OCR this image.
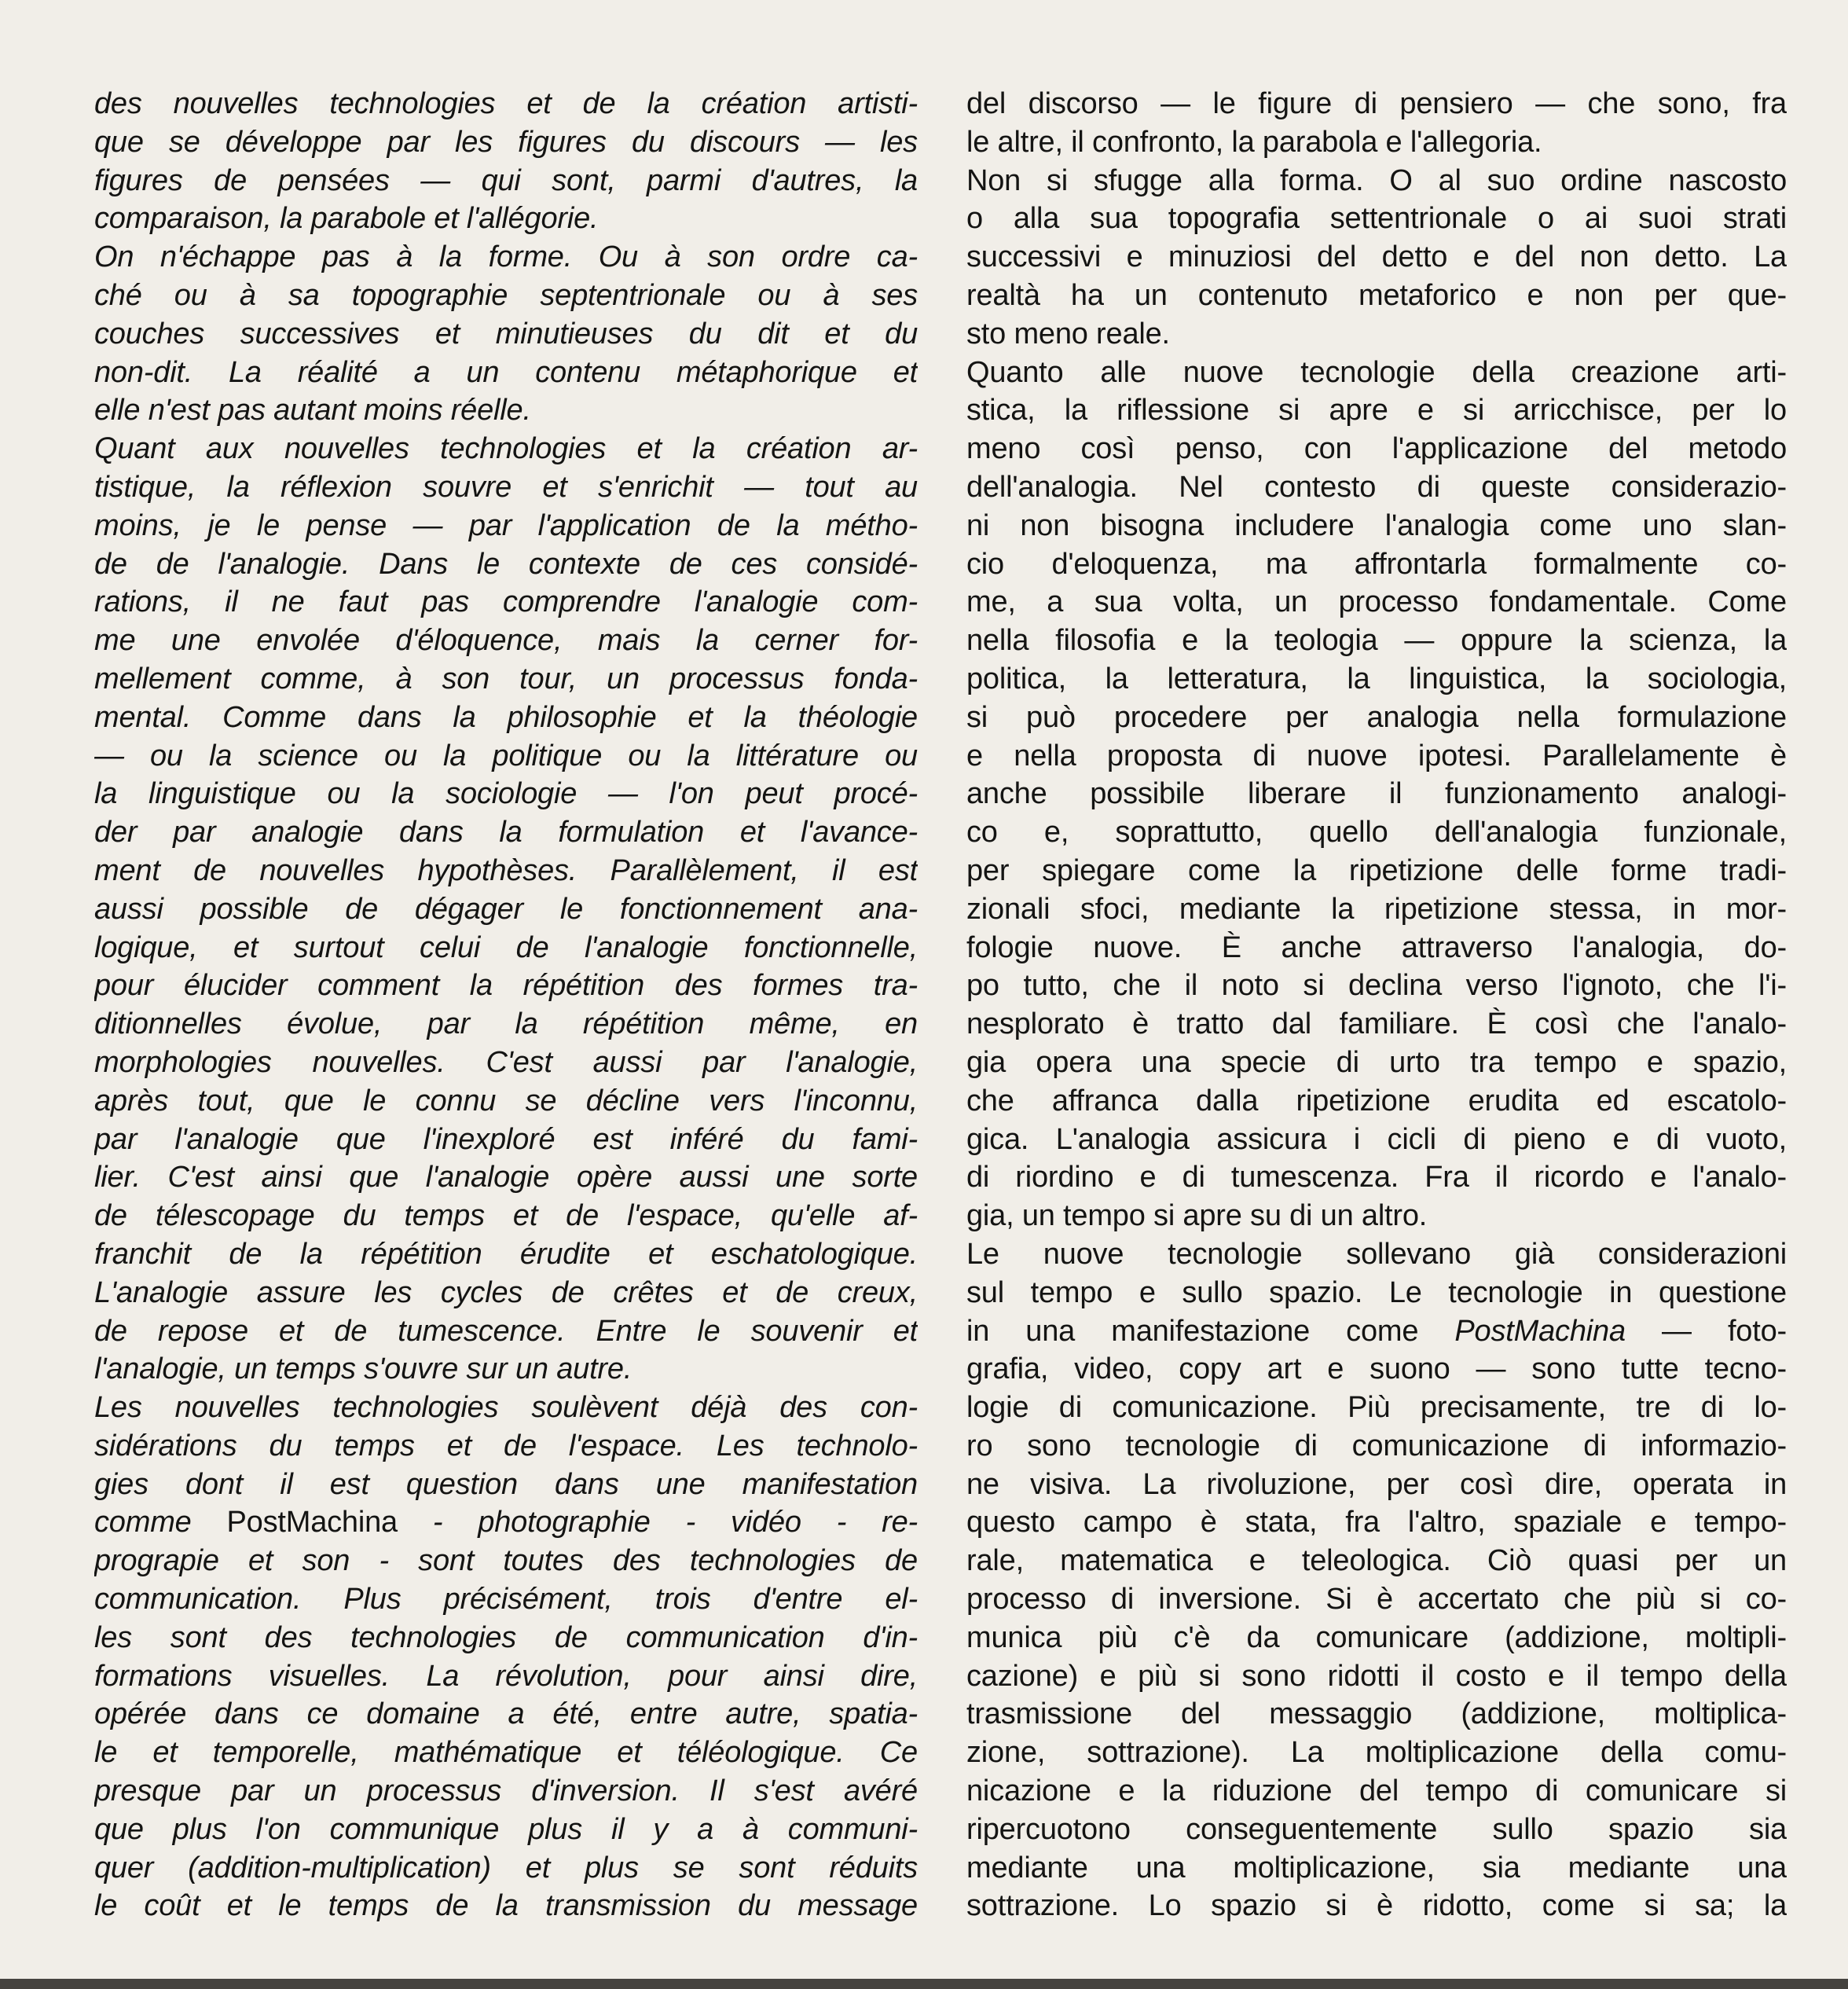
des nouvelles technologies et de la création artisti-
que se développe par les figures du discours — les
figures de pensées — qui sont, parmi d'autres, la
comparaison, la parabole et l'allégorie.
On n'échappe pas à la forme. Ou à son ordre ca-
ché ou à sa topographie septentrionale ou à ses
couches successives et minutieuses du dit et du
non-dit. La réalité a un contenu métaphorique et
elle n'est pas autant moins réelle.
Quant aux nouvelles technologies et la création ar-
tistique, la réflexion souvre et s'enrichit — tout au
moins, je le pense — par l'application de la métho-
de de l'analogie. Dans le contexte de ces considé-
rations, il ne faut pas comprendre l'analogie com-
me une envolée d'éloquence, mais la cerner for-
mellement comme, à son tour, un processus fonda-
mental. Comme dans la philosophie et la théologie
— ou la science ou la politique ou la littérature ou
la linguistique ou la sociologie — l'on peut procé-
der par analogie dans la formulation et l'avance-
ment de nouvelles hypothèses. Parallèlement, il est
aussi possible de dégager le fonctionnement ana-
logique, et surtout celui de l'analogie fonctionnelle,
pour élucider comment la répétition des formes tra-
ditionnelles évolue, par la répétition même, en
morphologies nouvelles. C'est aussi par l'analogie,
après tout, que le connu se décline vers l'inconnu,
par l'analogie que l'inexploré est inféré du fami-
lier. C'est ainsi que l'analogie opère aussi une sorte
de télescopage du temps et de l'espace, qu'elle af-
franchit de la répétition érudite et eschatologique.
L'analogie assure les cycles de crêtes et de creux,
de repose et de tumescence. Entre le souvenir et
l'analogie, un temps s'ouvre sur un autre.
Les nouvelles technologies soulèvent déjà des con-
sidérations du temps et de l'espace. Les technolo-
gies dont il est question dans une manifestation
comme PostMachina - photographie - vidéo - re-
prograpie et son - sont toutes des technologies de
communication. Plus précisément, trois d'entre el-
les sont des technologies de communication d'in-
formations visuelles. La révolution, pour ainsi dire,
opérée dans ce domaine a été, entre autre, spatia-
le et temporelle, mathématique et téléologique. Ce
presque par un processus d'inversion. Il s'est avéré
que plus l'on communique plus il y a à communi-
quer (addition-multiplication) et plus se sont réduits
le coût et le temps de la transmission du message
del discorso — le figure di pensiero — che sono, fra
le altre, il confronto, la parabola e l'allegoria.
Non si sfugge alla forma. O al suo ordine nascosto
o alla sua topografia settentrionale o ai suoi strati
successivi e minuziosi del detto e del non detto. La
realtà ha un contenuto metaforico e non per que-
sto meno reale.
Quanto alle nuove tecnologie della creazione arti-
stica, la riflessione si apre e si arricchisce, per lo
meno così penso, con l'applicazione del metodo
dell'analogia. Nel contesto di queste considerazio-
ni non bisogna includere l'analogia come uno slan-
cio d'eloquenza, ma affrontarla formalmente co-
me, a sua volta, un processo fondamentale. Come
nella filosofia e la teologia — oppure la scienza, la
politica, la letteratura, la linguistica, la sociologia,
si può procedere per analogia nella formulazione
e nella proposta di nuove ipotesi. Parallelamente è
anche possibile liberare il funzionamento analogi-
co e, soprattutto, quello dell'analogia funzionale,
per spiegare come la ripetizione delle forme tradi-
zionali sfoci, mediante la ripetizione stessa, in mor-
fologie nuove. È anche attraverso l'analogia, do-
po tutto, che il noto si declina verso l'ignoto, che l'i-
nesplorato è tratto dal familiare. È così che l'analo-
gia opera una specie di urto tra tempo e spazio,
che affranca dalla ripetizione erudita ed escatolo-
gica. L'analogia assicura i cicli di pieno e di vuoto,
di riordino e di tumescenza. Fra il ricordo e l'analo-
gia, un tempo si apre su di un altro.
Le nuove tecnologie sollevano già considerazioni
sul tempo e sullo spazio. Le tecnologie in questione
in una manifestazione come PostMachina — foto-
grafia, video, copy art e suono — sono tutte tecno-
logie di comunicazione. Più precisamente, tre di lo-
ro sono tecnologie di comunicazione di informazio-
ne visiva. La rivoluzione, per così dire, operata in
questo campo è stata, fra l'altro, spaziale e tempo-
rale, matematica e teleologica. Ciò quasi per un
processo di inversione. Si è accertato che più si co-
munica più c'è da comunicare (addizione, moltipli-
cazione) e più si sono ridotti il costo e il tempo della
trasmissione del messaggio (addizione, moltiplica-
zione, sottrazione). La moltiplicazione della comu-
nicazione e la riduzione del tempo di comunicare si
ripercuotono conseguentemente sullo spazio sia
mediante una moltiplicazione, sia mediante una
sottrazione. Lo spazio si è ridotto, come si sa; la
